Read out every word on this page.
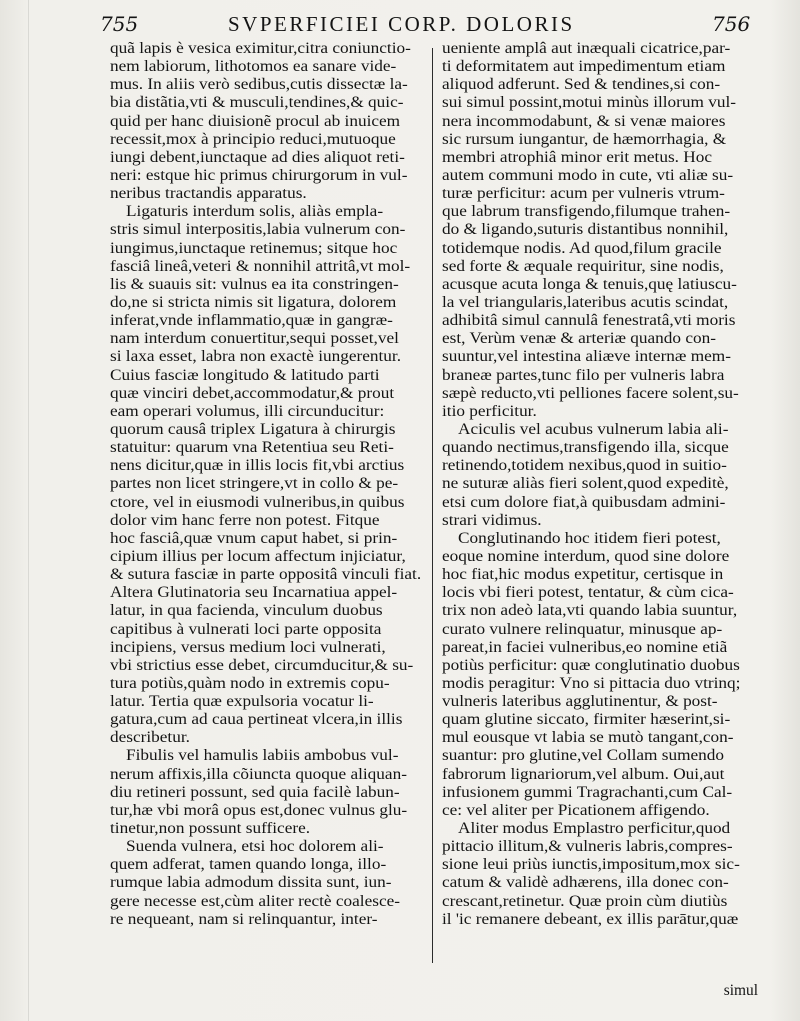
755	SVPERFICIEI CORP. DOLORIS	756
quã lapis è vesica eximitur,citra coniunctio-
nem labiorum, lithotomos ea sanare vide-
mus. In aliis verò sedibus,cutis dissectæ la-
bia distãtia,vti & musculi,tendines,& quic-
quid per hanc diuisionẽ procul ab inuicem
recessit,mox à principio reduci,mutuoque
iungi debent,iunctaque ad dies aliquot reti-
neri: estque hic primus chirurgorum in vul-
neribus tractandis apparatus.
Ligaturis interdum solis, aliàs empla-
stris simul interpositis,labia vulnerum con-
iungimus,iunctaque retinemus; sitque hoc
fasciâ lineâ,veteri & nonnihil attritâ,vt mol-
lis & suauis sit: vulnus ea ita constringen-
do,ne si stricta nimis sit ligatura, dolorem
inferat,vnde inflammatio,quæ in gangræ-
nam interdum conuertitur,sequi posset,vel
si laxa esset, labra non exactè iungerentur.
Cuius fasciæ longitudo & latitudo parti
quæ vinciri debet,accommodatur,& prout
eam operari volumus, illi circunducitur:
quorum causâ triplex Ligatura à chirurgis
statuitur: quarum vna Retentiua seu Reti-
nens dicitur,quæ in illis locis fit,vbi arctius
partes non licet stringere,vt in collo & pe-
ctore, vel in eiusmodi vulneribus,in quibus
dolor vim hanc ferre non potest. Fitque
hoc fasciâ,quæ vnum caput habet, si prin-
cipium illius per locum affectum injiciatur,
& sutura fasciæ in parte oppositâ vinculi fiat.
Altera Glutinatoria seu Incarnatiua appel-
latur, in qua facienda, vinculum duobus
capitibus à vulnerati loci parte opposita
incipiens, versus medium loci vulnerati,
vbi strictius esse debet, circumducitur,& su-
tura potiùs,quàm nodo in extremis copu-
latur. Tertia quæ expulsoria vocatur li-
gatura,cum ad caua pertineat vlcera,in illis
describetur.
Fibulis vel hamulis labiis ambobus vul-
nerum affixis,illa cõiuncta quoque aliquan-
diu retineri possunt, sed quia facilè labun-
tur,hæ vbi morâ opus est,donec vulnus glu-
tinetur,non possunt sufficere.
Suenda vulnera, etsi hoc dolorem ali-
quem adferat, tamen quando longa, illo-
rumque labia admodum dissita sunt, iun-
gere necesse est,cùm aliter rectè coalesce-
re nequeant, nam si relinquantur, inter-
ueniente amplâ aut inæquali cicatrice,par-
ti deformitatem aut impedimentum etiam
aliquod adferunt. Sed & tendines,si con-
sui simul possint,motui minùs illorum vul-
nera incommodabunt, & si venæ maiores
sic rursum iungantur, de hæmorrhagia, &
membri atrophiâ minor erit metus. Hoc
autem communi modo in cute, vti aliæ su-
turæ perficitur: acum per vulneris vtrum-
que labrum transfigendo,filumque trahen-
do & ligando,suturis distantibus nonnihil,
totidemque nodis. Ad quod,filum gracile
sed forte & æquale requiritur, sine nodis,
acusque acuta longa & tenuis,quę latiuscu-
la vel triangularis,lateribus acutis scindat,
adhibitâ simul cannulâ fenestratâ,vti moris
est, Verùm venæ & arteriæ quando con-
suuntur,vel intestina aliæve internæ mem-
braneæ partes,tunc filo per vulneris labra
sæpè reducto,vti pelliones facere solent,su-
itio perficitur.
Aciculis vel acubus vulnerum labia ali-
quando nectimus,transfigendo illa, sicque
retinendo,totidem nexibus,quod in suitio-
ne suturæ aliàs fieri solent,quod expeditè,
etsi cum dolore fiat,à quibusdam admini-
strari vidimus.
Conglutinando hoc itidem fieri potest,
eoque nomine interdum, quod sine dolore
hoc fiat,hic modus expetitur, certisque in
locis vbi fieri potest, tentatur, & cùm cica-
trix non adeò lata,vti quando labia suuntur,
curato vulnere relinquatur, minusque ap-
pareat,in faciei vulneribus,eo nomine etiã
potiùs perficitur: quæ conglutinatio duobus
modis peragitur: Vno si pittacia duo vtrinq;
vulneris lateribus agglutinentur, & post-
quam glutine siccato, firmiter hæserint,si-
mul eousque vt labia se mutò tangant,con-
suantur: pro glutine,vel Collam sumendo
fabrorum lignariorum,vel album. Oui,aut
infusionem gummi Tragrachanti,cum Cal-
ce: vel aliter per Picationem affigendo.
Aliter modus Emplastro perficitur,quod
pittacio illitum,& vulneris labris,compres-
sione leui priùs iunctis,impositum,mox sic-
catum & validè adhærens, illa donec con-
crescant,retinetur. Quæ proin cùm diutiùs
il 'ic remanere debeant, ex illis parātur,quæ
simul
